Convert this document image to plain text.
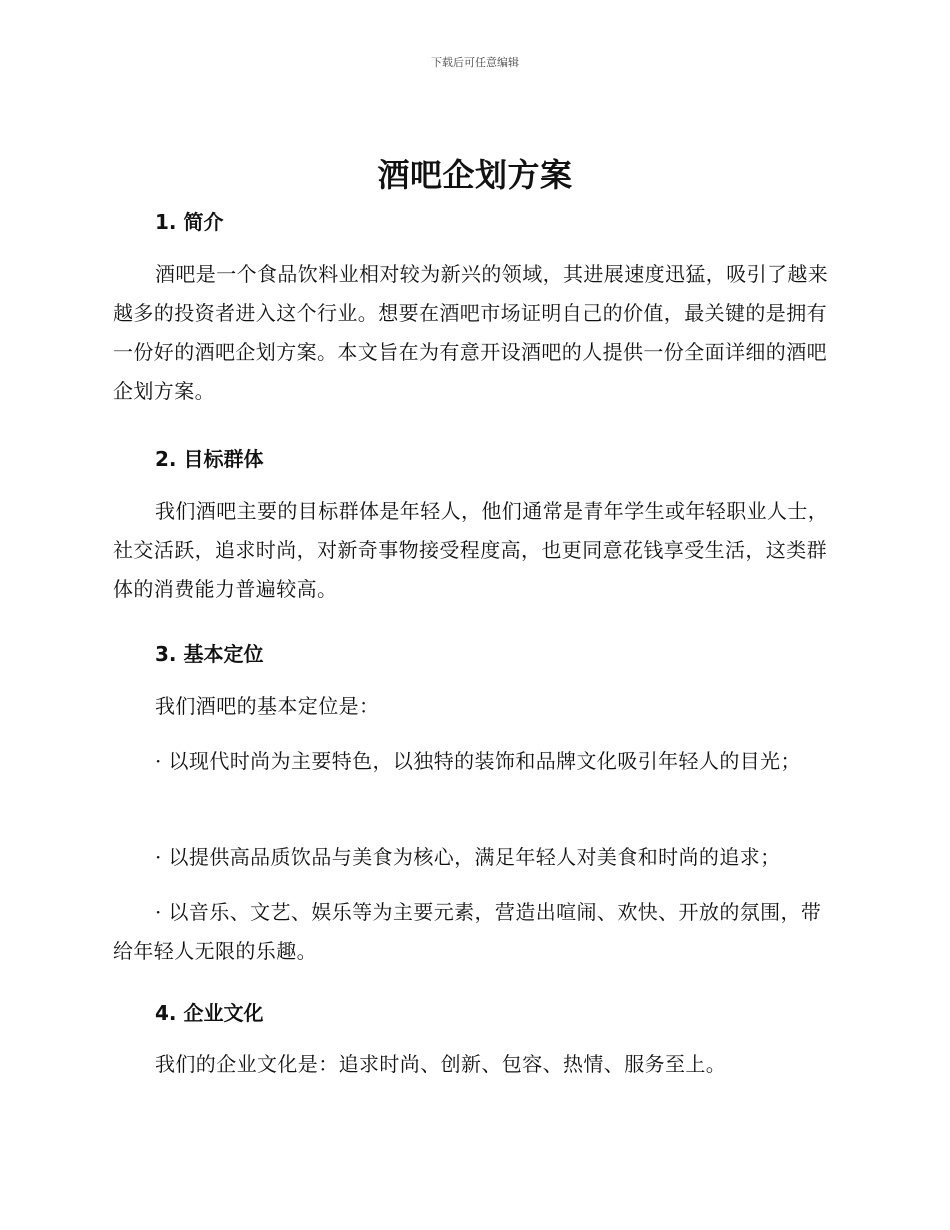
下载后可任意编辑
酒吧企划方案
1. 简介
酒吧是一个食品饮料业相对较为新兴的领域，其进展速度迅猛，吸引了越来越多的投资者进入这个行业。想要在酒吧市场证明自己的价值，最关键的是拥有一份好的酒吧企划方案。本文旨在为有意开设酒吧的人提供一份全面详细的酒吧企划方案。
2. 目标群体
我们酒吧主要的目标群体是年轻人，他们通常是青年学生或年轻职业人士，社交活跃，追求时尚，对新奇事物接受程度高，也更同意花钱享受生活，这类群体的消费能力普遍较高。
3. 基本定位
我们酒吧的基本定位是：
· 以现代时尚为主要特色，以独特的装饰和品牌文化吸引年轻人的目光；
· 以提供高品质饮品与美食为核心，满足年轻人对美食和时尚的追求；
· 以音乐、文艺、娱乐等为主要元素，营造出喧闹、欢快、开放的氛围，带给年轻人无限的乐趣。
4. 企业文化
我们的企业文化是：追求时尚、创新、包容、热情、服务至上。
